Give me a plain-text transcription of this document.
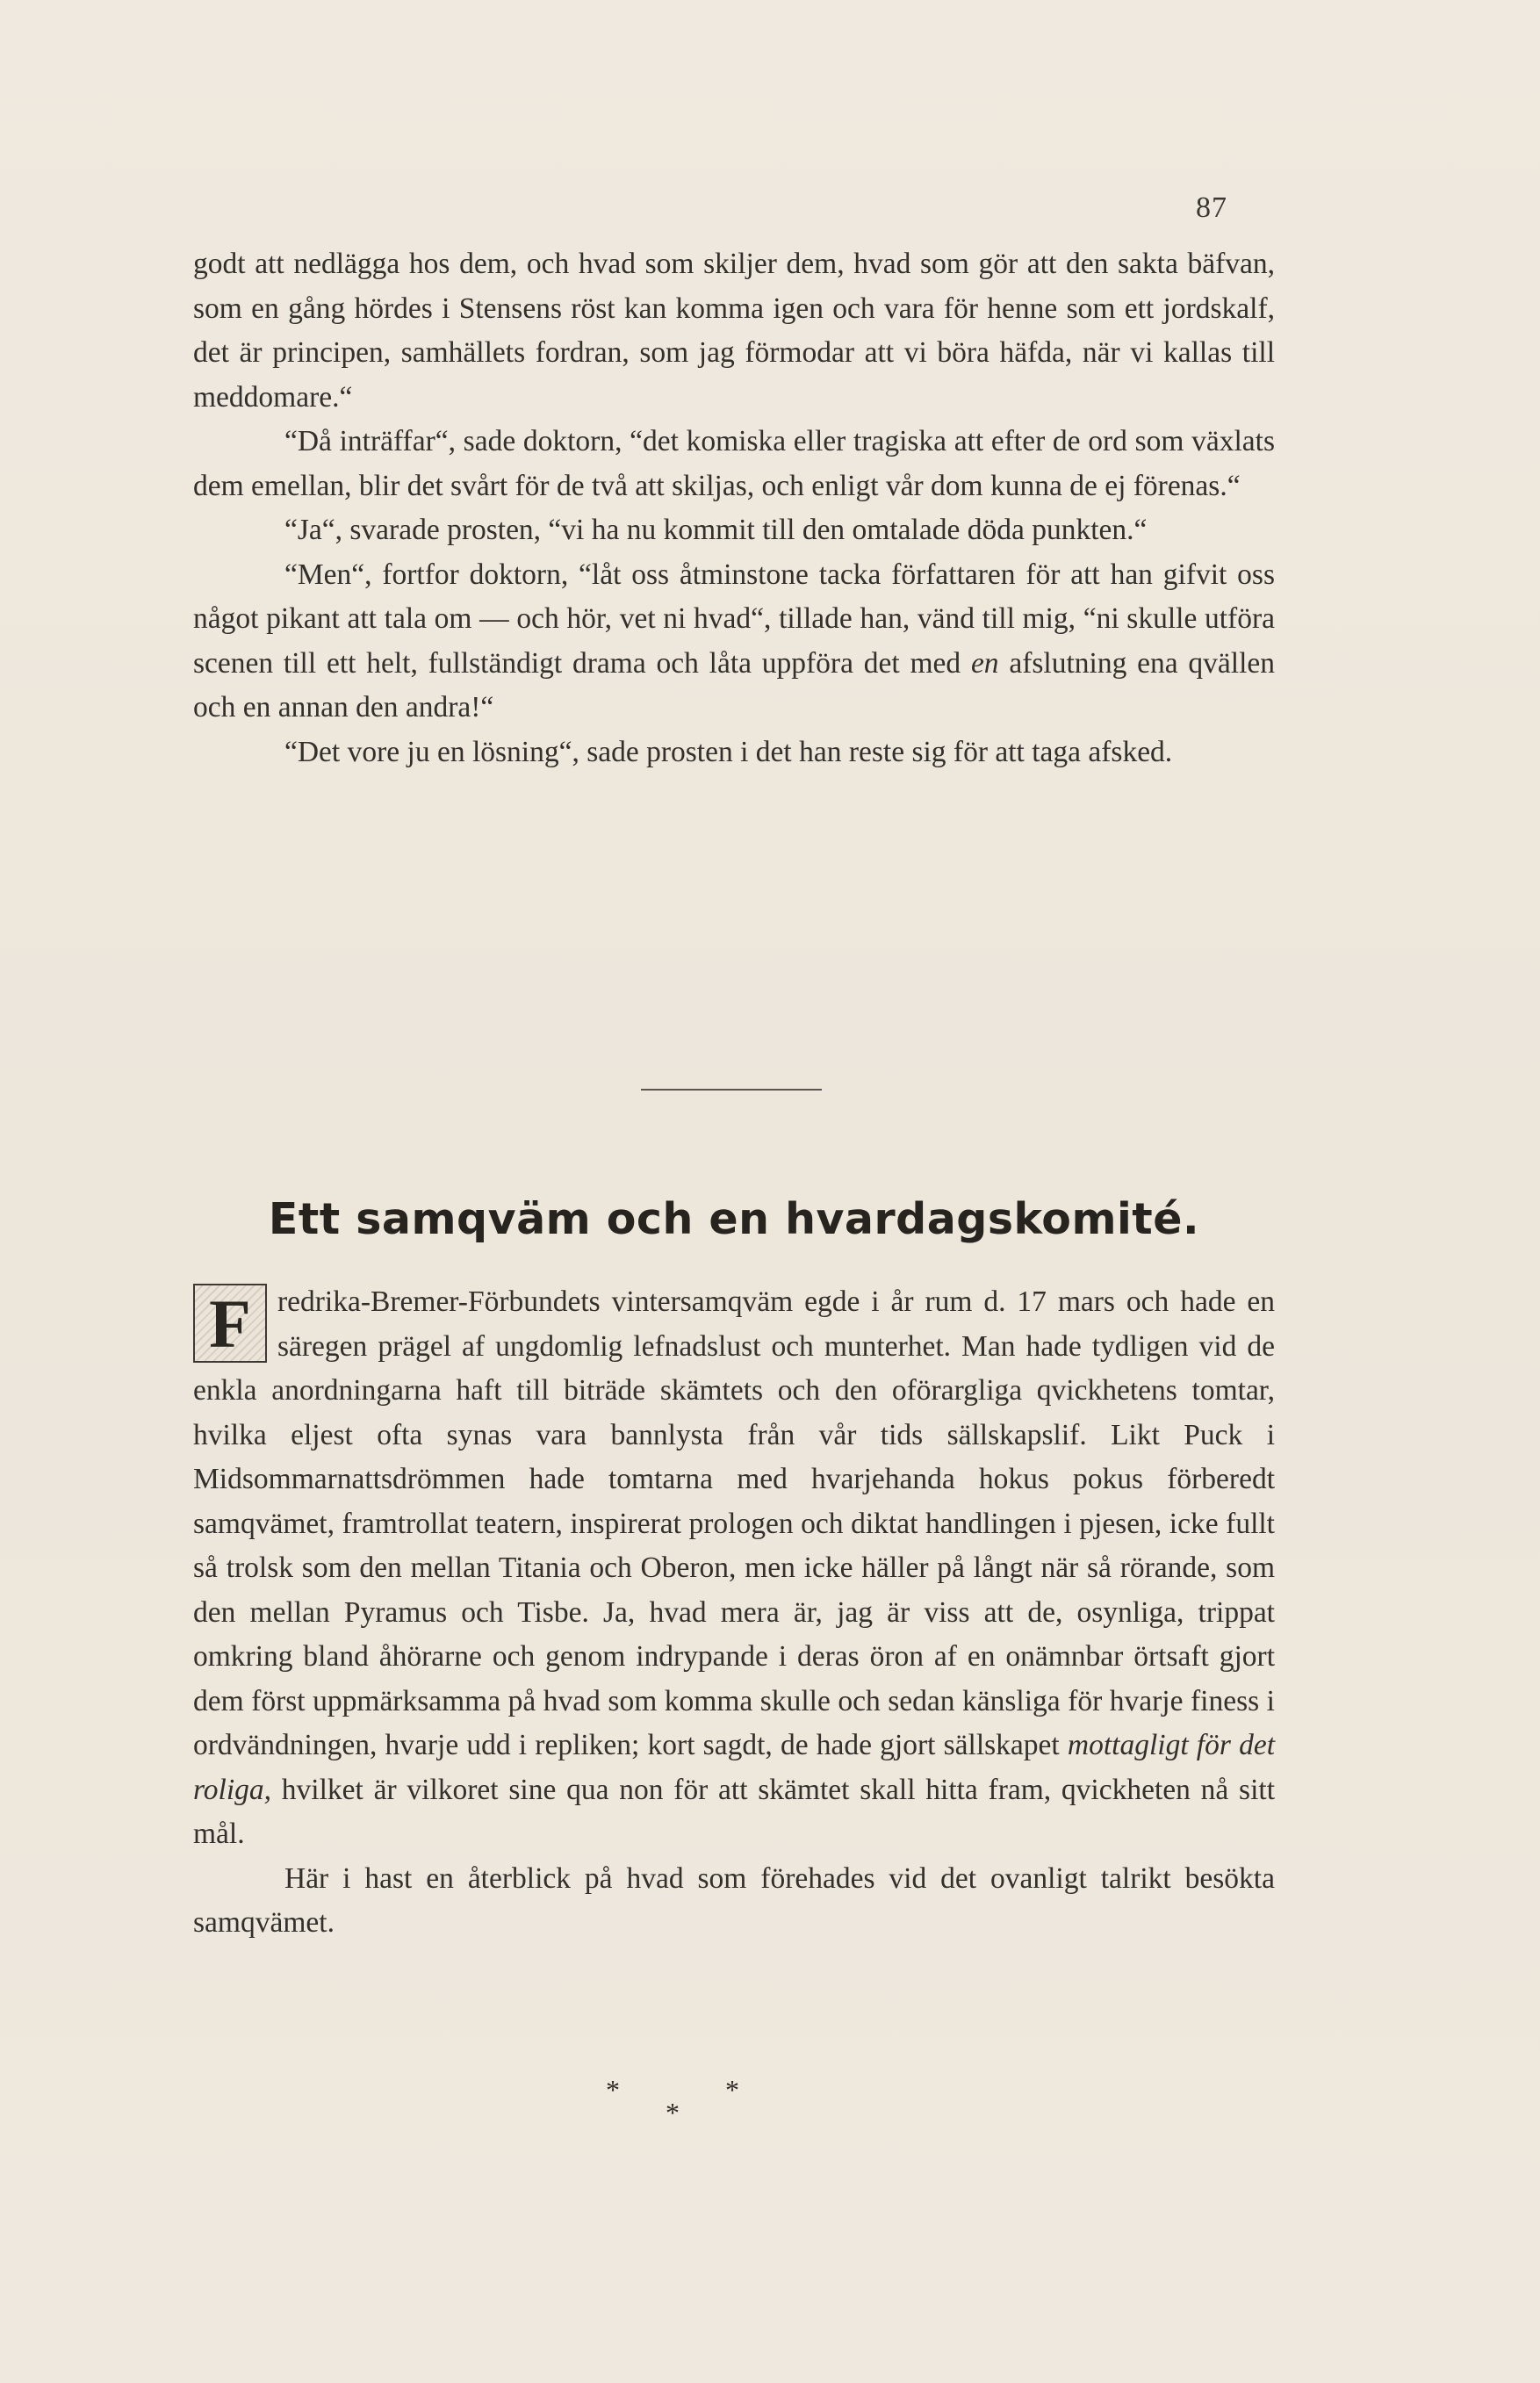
87

godt att nedlägga hos dem, och hvad som skiljer dem, hvad som gör att den sakta bäfvan, som en gång hördes i Stensens röst kan komma igen och vara för henne som ett jordskalf, det är principen, samhällets fordran, som jag förmodar att vi böra häfda, när vi kallas till meddomare.“

“Då inträffar“, sade doktorn, “det komiska eller tragiska att efter de ord som växlats dem emellan, blir det svårt för de två att skiljas, och enligt vår dom kunna de ej förenas.“

“Ja“, svarade prosten, “vi ha nu kommit till den omtalade döda punkten.“

“Men“, fortfor doktorn, “låt oss åtminstone tacka författaren för att han gifvit oss något pikant att tala om — och hör, vet ni hvad“, tillade han, vänd till mig, “ni skulle utföra scenen till ett helt, fullständigt drama och låta uppföra det med en afslutning ena qvällen och en annan den andra!“

“Det vore ju en lösning“, sade prosten i det han reste sig för att taga afsked.

Ett samqväm och en hvardagskomité.

F redrika-Bremer-Förbundets vintersamqväm egde i år rum d. 17 mars och hade en säregen prägel af ungdomlig lefnadslust och munterhet. Man hade tydligen vid de enkla anordningarna haft till biträde skämtets och den oförargliga qvickhetens tomtar, hvilka eljest ofta synas vara bannlysta från vår tids sällskapslif. Likt Puck i Midsommarnattsdrömmen hade tomtarna med hvarjehanda hokus pokus förberedt samqvämet, framtrollat teatern, inspirerat prologen och diktat handlingen i pjesen, icke fullt så trolsk som den mellan Titania och Oberon, men icke häller på långt när så rörande, som den mellan Pyramus och Tisbe. Ja, hvad mera är, jag är viss att de, osynliga, trippat omkring bland åhörarne och genom indrypande i deras öron af en onämnbar örtsaft gjort dem först uppmärksamma på hvad som komma skulle och sedan känsliga för hvarje finess i ordvändningen, hvarje udd i repliken; kort sagdt, de hade gjort sällskapet mottagligt för det roliga, hvilket är vilkoret sine qua non för att skämtet skall hitta fram, qvickheten nå sitt mål.

Här i hast en återblick på hvad som förehades vid det ovanligt talrikt besökta samqvämet.

*	*
*
